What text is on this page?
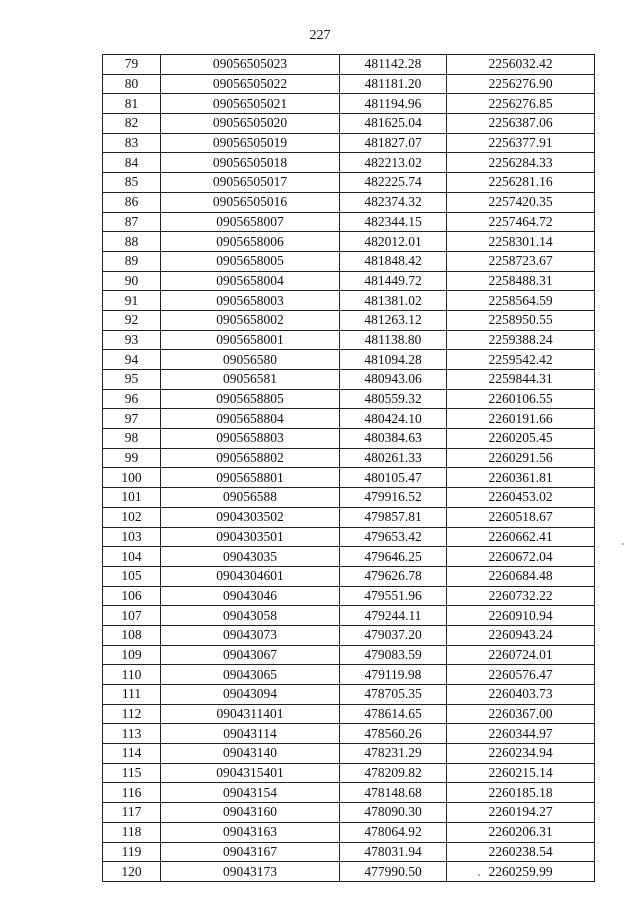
227
79	09056505023	481142.28	2256032.42
80	09056505022	481181.20	2256276.90
81	09056505021	481194.96	2256276.85
82	09056505020	481625.04	2256387.06
83	09056505019	481827.07	2256377.91
84	09056505018	482213.02	2256284.33
85	09056505017	482225.74	2256281.16
86	09056505016	482374.32	2257420.35
87	0905658007	482344.15	2257464.72
88	0905658006	482012.01	2258301.14
89	0905658005	481848.42	2258723.67
90	0905658004	481449.72	2258488.31
91	0905658003	481381.02	2258564.59
92	0905658002	481263.12	2258950.55
93	0905658001	481138.80	2259388.24
94	09056580	481094.28	2259542.42
95	09056581	480943.06	2259844.31
96	0905658805	480559.32	2260106.55
97	0905658804	480424.10	2260191.66
98	0905658803	480384.63	2260205.45
99	0905658802	480261.33	2260291.56
100	0905658801	480105.47	2260361.81
101	09056588	479916.52	2260453.02
102	0904303502	479857.81	2260518.67
103	0904303501	479653.42	2260662.41
104	09043035	479646.25	2260672.04
105	0904304601	479626.78	2260684.48
106	09043046	479551.96	2260732.22
107	09043058	479244.11	2260910.94
108	09043073	479037.20	2260943.24
109	09043067	479083.59	2260724.01
110	09043065	479119.98	2260576.47
111	09043094	478705.35	2260403.73
112	0904311401	478614.65	2260367.00
113	09043114	478560.26	2260344.97
114	09043140	478231.29	2260234.94
115	0904315401	478209.82	2260215.14
116	09043154	478148.68	2260185.18
117	09043160	478090.30	2260194.27
118	09043163	478064.92	2260206.31
119	09043167	478031.94	2260238.54
120	09043173	477990.50	2260259.99
